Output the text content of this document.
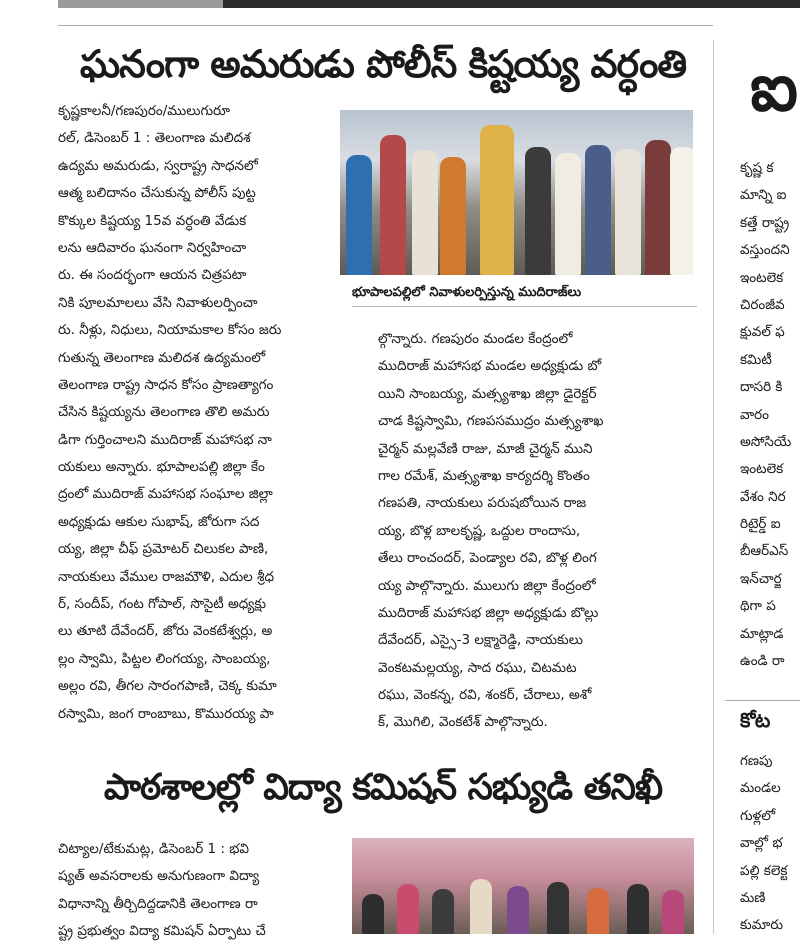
ఘనంగా అమరుడు పోలీస్ కిష్టయ్య వర్ధంతి
కృష్ణకాలనీ/గణపురం/ములుగురూ
రల్, డిసెంబర్ 1 : తెలంగాణ మలిదశ
ఉద్యమ అమరుడు, స్వరాష్ట్ర సాధనలో
ఆత్మ బలిదానం చేసుకున్న పోలీస్ పుట్ట
కొక్కుల కిష్టయ్య 15వ వర్ధంతి వేడుక
లను ఆదివారం ఘనంగా నిర్వహించా
రు. ఈ సందర్భంగా ఆయన చిత్రపటా
నికి పూలమాలలు వేసి నివాళులర్పించా
రు. నీళ్లు, నిధులు, నియామకాల కోసం జరు
గుతున్న తెలంగాణ మలిదశ ఉద్యమంలో
తెలంగాణ రాష్ట్ర సాధన కోసం ప్రాణత్యాగం
చేసిన కిష్టయ్యను తెలంగాణ తొలి అమరు
డిగా గుర్తించాలని ముదిరాజ్ మహాసభ నా
యకులు అన్నారు. భూపాలపల్లి జిల్లా కేం
ద్రంలో ముదిరాజ్ మహాసభ సంఘాల జిల్లా
అధ్యక్షుడు ఆకుల సుభాష్, జోరుగా సద
య్య, జిల్లా చీఫ్ ప్రమోటర్ చిలుకల పాణి,
నాయకులు వేముల రాజమౌళి, ఎదుల శ్రీధ
ర్, సందీప్, గంట గోపాల్, సొసైటీ అధ్యక్షు
లు తూటి దేవేందర్, జోరు వెంకటేశ్వర్లు, అ
ల్లం స్వామి, పిట్టల లింగయ్య, సాంబయ్య,
అల్లం రవి, తీగల సారంగపాణి, చెక్క కుమా
రస్వామి, జంగ రాంబాబు, కొమురయ్య పా
భూపాలపల్లిలో నివాళులర్పిస్తున్న ముదిరాజ్‌లు
ల్గొన్నారు. గణపురం మండల కేంద్రంలో
ముదిరాజ్ మహాసభ మండల అధ్యక్షుడు బో
యిని సాంబయ్య, మత్స్యశాఖ జిల్లా డైరెక్టర్
చాడ కిష్టస్వామి, గణపసముద్రం మత్స్యశాఖ
చైర్మన్ మల్లవేణి రాజు, మాజీ చైర్మన్ ముని
గాల రమేశ్, మత్స్యశాఖ కార్యదర్శి కొంతం
గణపతి, నాయకులు పరుషబోయిన రాజ
య్య, బొళ్ల బాలకృష్ణ, ఒద్దుల రాందాసు,
తేలు రాంచందర్, పెండ్యాల రవి, బొళ్ల లింగ
య్య పాల్గొన్నారు. ములుగు జిల్లా కేంద్రంలో
ముదిరాజ్ మహాసభ జిల్లా అధ్యక్షుడు బొల్లు
దేవేందర్, ఎస్సై-3 లక్ష్మారెడ్డి, నాయకులు
వెంకటమల్లయ్య, సాద రఘు, చిటమట
రఘు, వెంకన్న, రవి, శంకర్, చేరాలు, అశో
క్, మొగిలి, వెంకటేశ్ పాల్గొన్నారు.
పాఠశాలల్లో విద్యా కమిషన్ సభ్యుడి తనిఖీ
చిట్యాల/టేకుమట్ల, డిసెంబర్ 1 : భవి
ష్యత్ అవసరాలకు అనుగుణంగా విద్యా
విధానాన్ని తీర్చిదిద్దడానికి తెలంగాణ రా
ష్ట్ర ప్రభుత్వం విద్యా కమిషన్ ఏర్పాటు చే
ఐ
కృష్ణ క
మాన్ని ఐ
కత్తే రాష్ట్ర
వస్తుందని
ఇంటలెక
చిరంజీవ
క్షువల్ ఫ
కమిటీ
దాసరి కి
వారం
అసోసియే
ఇంటలెక
వేశం నిర
రిటైర్డ్ ఐ
బీఆర్ఎస్
ఇన్‌చార్జ
థిగా ప
మాట్లాడ
ఉండి రా
కోట
గణపు
మండల
గుళ్లలో
వాల్లో భ
పల్లి కలెక్ట
మణి
కుమారు
